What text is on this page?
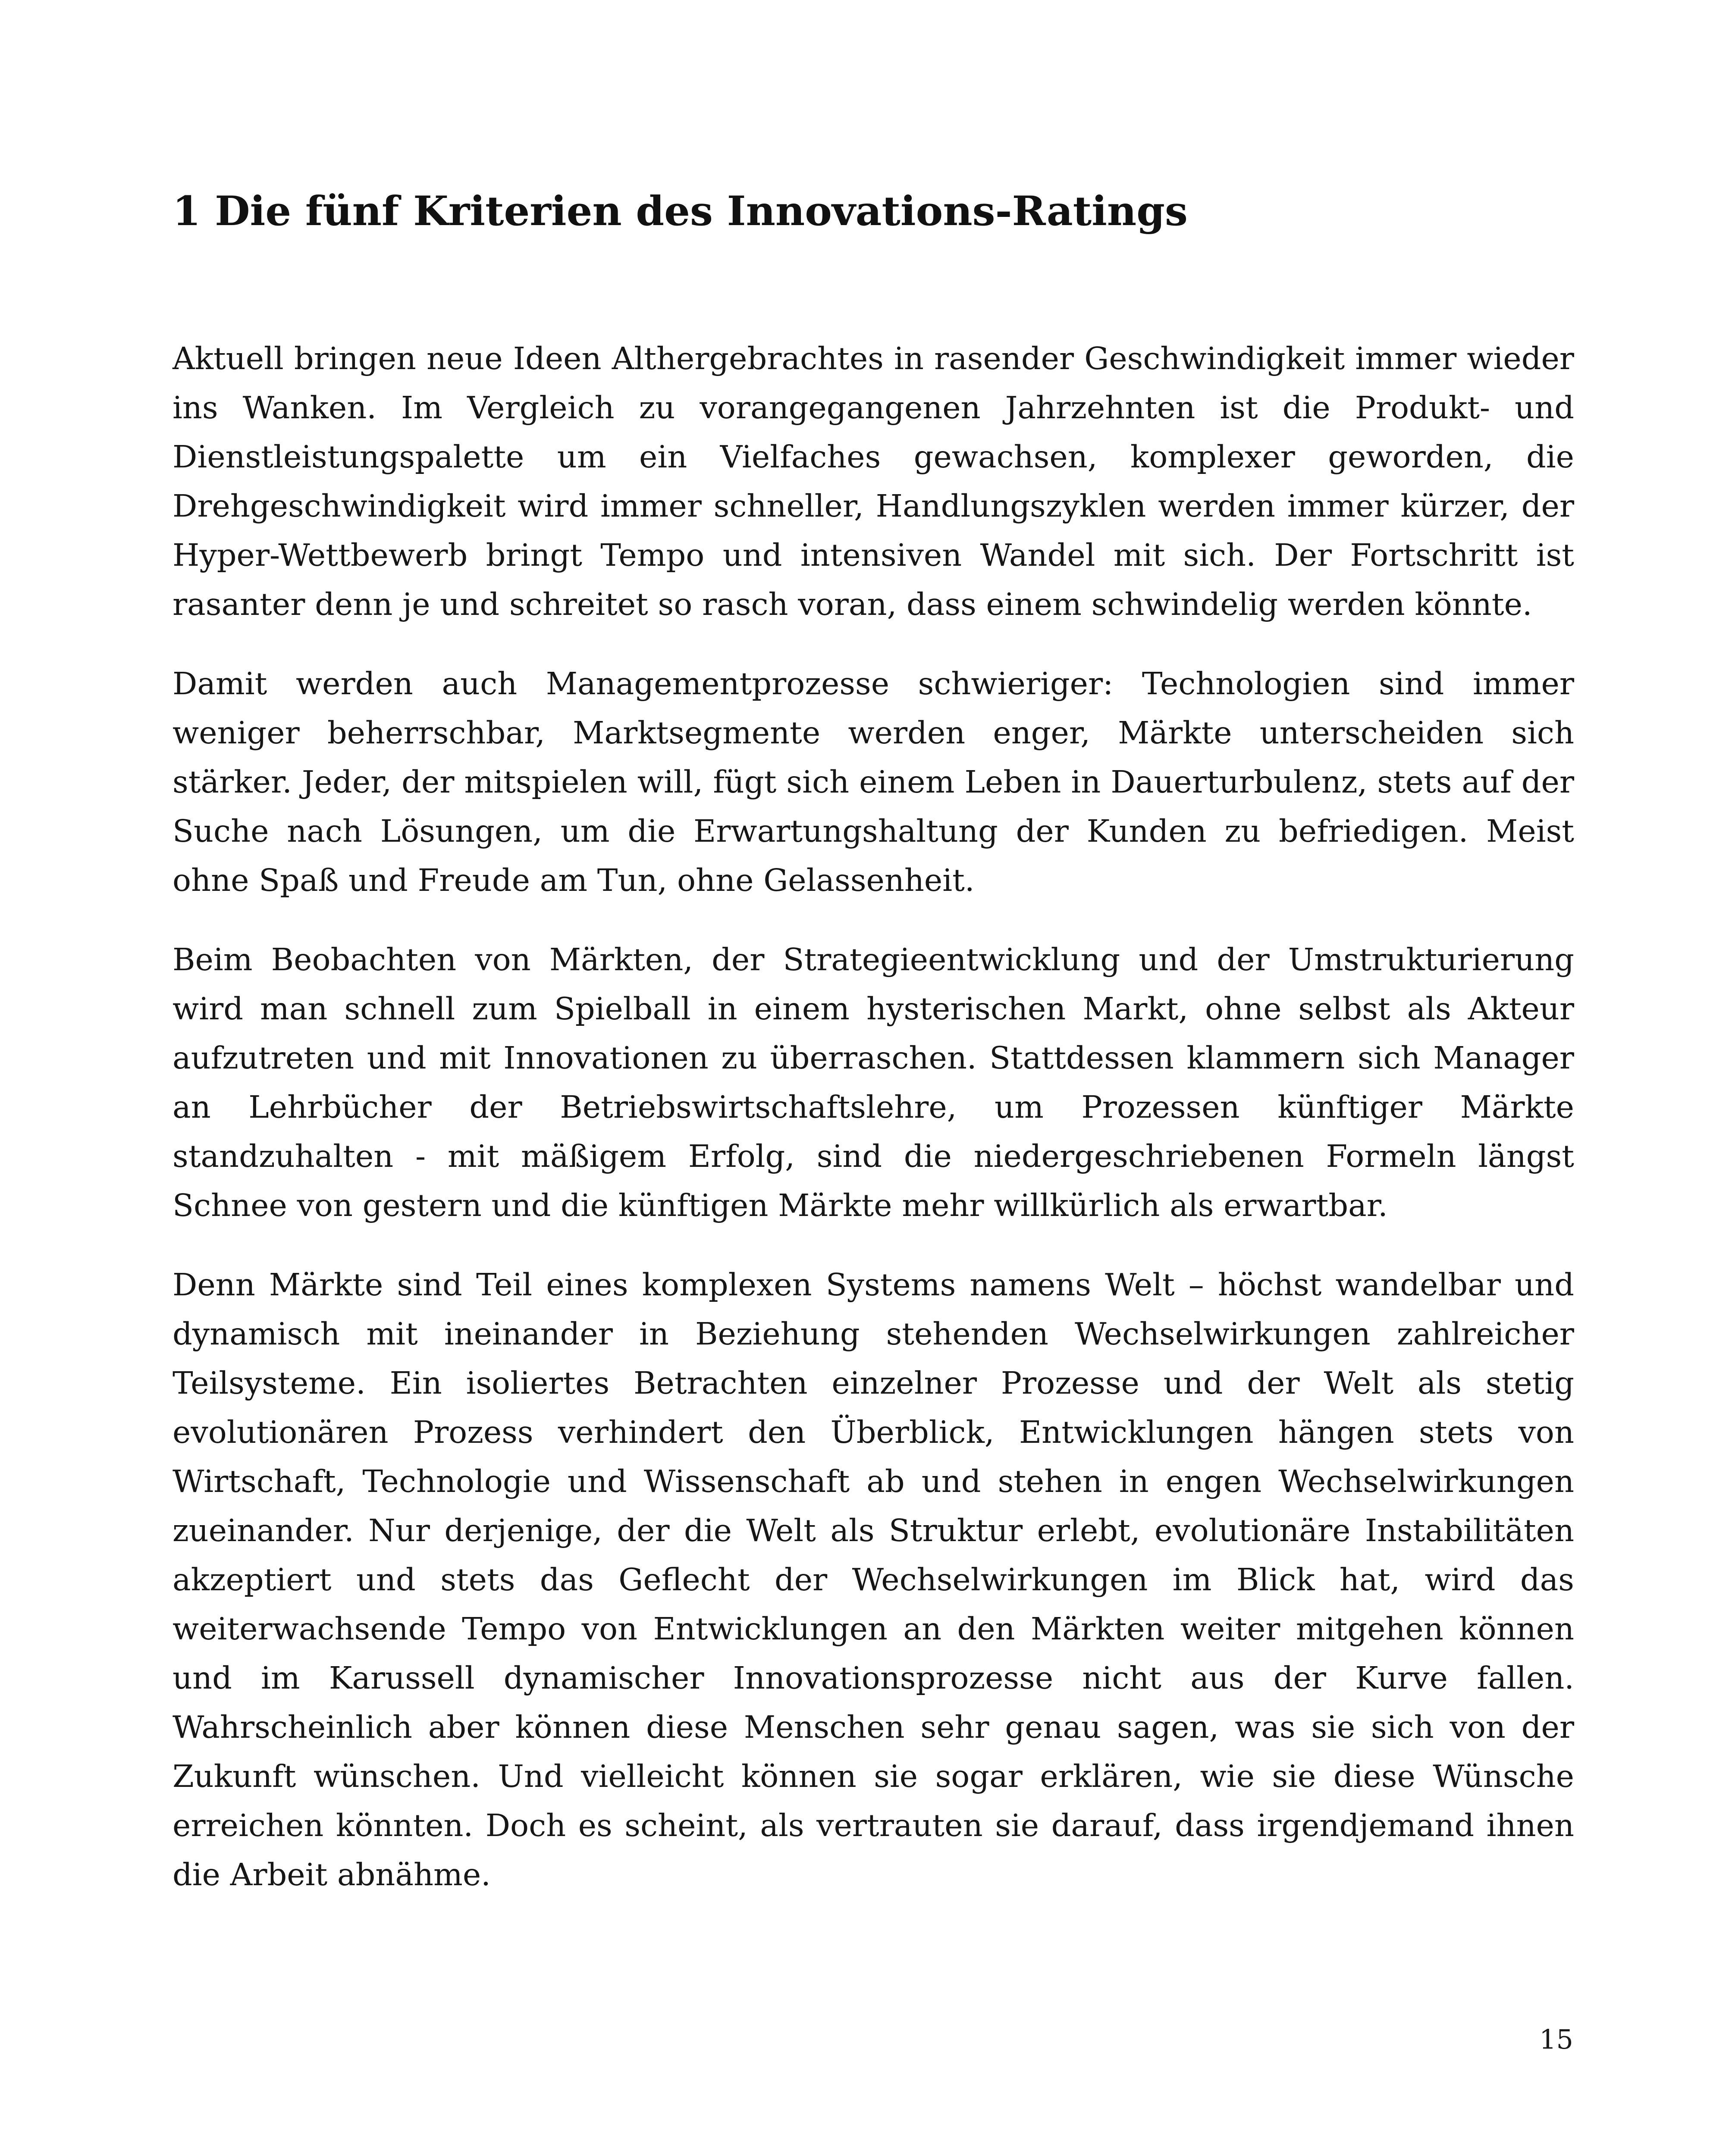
1 Die fünf Kriterien des Innovations-Ratings

Aktuell bringen neue Ideen Althergebrachtes in rasender Geschwindigkeit immer wieder ins Wanken. Im Vergleich zu vorangegangenen Jahrzehnten ist die Produkt- und Dienstleistungspalette um ein Vielfaches gewachsen, komplexer geworden, die Drehgeschwindigkeit wird immer schneller, Handlungszyklen werden immer kürzer, der Hyper-Wettbewerb bringt Tempo und intensiven Wandel mit sich. Der Fortschritt ist rasanter denn je und schreitet so rasch voran, dass einem schwindelig werden könnte.

Damit werden auch Managementprozesse schwieriger: Technologien sind immer weniger beherrschbar, Marktsegmente werden enger, Märkte unterscheiden sich stärker. Jeder, der mitspielen will, fügt sich einem Leben in Dauerturbulenz, stets auf der Suche nach Lösungen, um die Erwartungshaltung der Kunden zu befriedigen. Meist ohne Spaß und Freude am Tun, ohne Gelassenheit.

Beim Beobachten von Märkten, der Strategieentwicklung und der Umstrukturierung wird man schnell zum Spielball in einem hysterischen Markt, ohne selbst als Akteur aufzutreten und mit Innovationen zu überraschen. Stattdessen klammern sich Manager an Lehrbücher der Betriebswirtschaftslehre, um Prozessen künftiger Märkte standzuhalten - mit mäßigem Erfolg, sind die niedergeschriebenen Formeln längst Schnee von gestern und die künftigen Märkte mehr willkürlich als erwartbar.

Denn Märkte sind Teil eines komplexen Systems namens Welt – höchst wandelbar und dynamisch mit ineinander in Beziehung stehenden Wechselwirkungen zahlreicher Teilsysteme. Ein isoliertes Betrachten einzelner Prozesse und der Welt als stetig evolutionären Prozess verhindert den Überblick, Entwicklungen hängen stets von Wirtschaft, Technologie und Wissenschaft ab und stehen in engen Wechselwirkungen zueinander. Nur derjenige, der die Welt als Struktur erlebt, evolutionäre Instabilitäten akzeptiert und stets das Geflecht der Wechselwirkungen im Blick hat, wird das weiterwachsende Tempo von Entwicklungen an den Märkten weiter mitgehen können und im Karussell dynamischer Innovationsprozesse nicht aus der Kurve fallen. Wahrscheinlich aber können diese Menschen sehr genau sagen, was sie sich von der Zukunft wünschen. Und vielleicht können sie sogar erklären, wie sie diese Wünsche erreichen könnten. Doch es scheint, als vertrauten sie darauf, dass irgendjemand ihnen die Arbeit abnähme.

15
